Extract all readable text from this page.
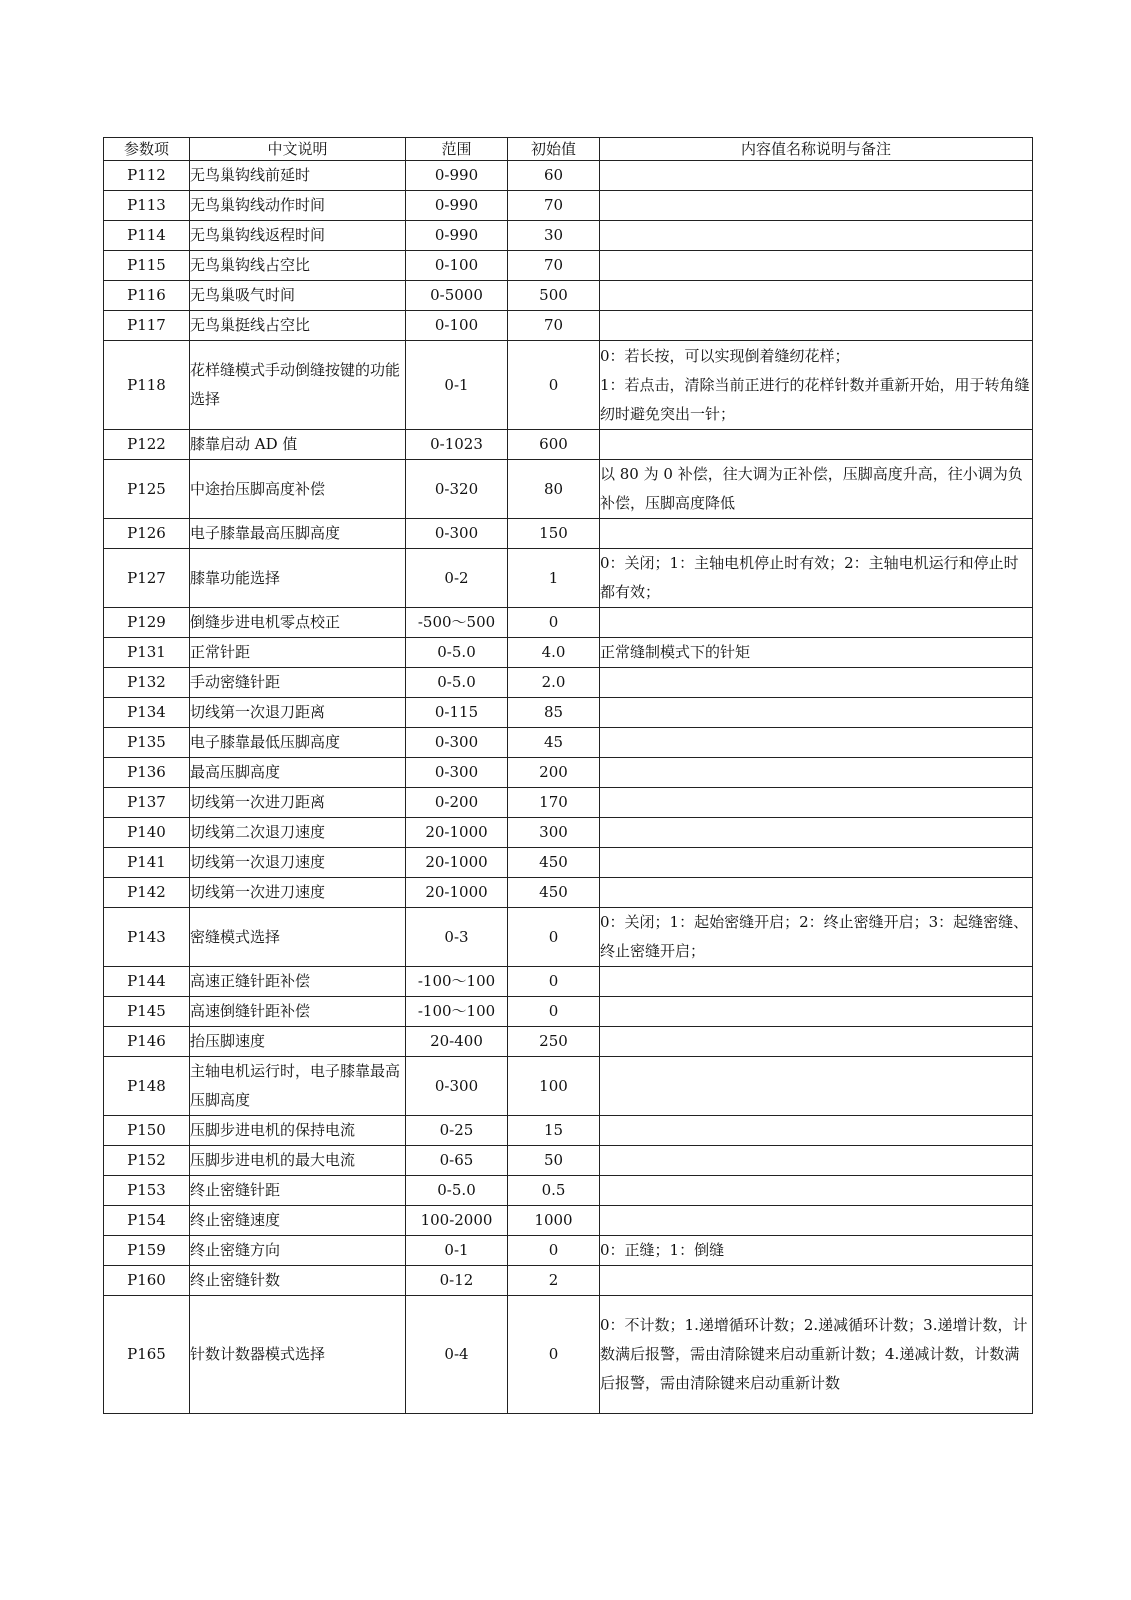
参数项	中文说明	范围	初始值	内容值名称说明与备注

P112	无鸟巢钩线前延时	0-990	60	

P113	无鸟巢钩线动作时间	0-990	70	

P114	无鸟巢钩线返程时间	0-990	30	

P115	无鸟巢钩线占空比	0-100	70	

P116	无鸟巢吸气时间	0-5000	500	

P117	无鸟巢挺线占空比	0-100	70	

P118	花样缝模式手动倒缝按键的功能选择	0-1	0	0：若长按，可以实现倒着缝纫花样；
1：若点击，清除当前正进行的花样针数并重新开始，用于转角缝纫时避免突出一针；

P122	膝靠启动 AD 值	0-1023	600	

P125	中途抬压脚高度补偿	0-320	80	以 80 为 0 补偿，往大调为正补偿，压脚高度升高，往小调为负补偿，压脚高度降低

P126	电子膝靠最高压脚高度	0-300	150	

P127	膝靠功能选择	0-2	1	0：关闭；1：主轴电机停止时有效；2：主轴电机运行和停止时都有效；

P129	倒缝步进电机零点校正	-500～500	0	

P131	正常针距	0-5.0	4.0	正常缝制模式下的针矩

P132	手动密缝针距	0-5.0	2.0	

P134	切线第一次退刀距离	0-115	85	

P135	电子膝靠最低压脚高度	0-300	45	

P136	最高压脚高度	0-300	200	

P137	切线第一次进刀距离	0-200	170	

P140	切线第二次退刀速度	20-1000	300	

P141	切线第一次退刀速度	20-1000	450	

P142	切线第一次进刀速度	20-1000	450	

P143	密缝模式选择	0-3	0	0：关闭；1：起始密缝开启；2：终止密缝开启；3：起缝密缝、终止密缝开启；

P144	高速正缝针距补偿	-100～100	0	

P145	高速倒缝针距补偿	-100～100	0	

P146	抬压脚速度	20-400	250	

P148	主轴电机运行时，电子膝靠最高压脚高度	0-300	100	

P150	压脚步进电机的保持电流	0-25	15	

P152	压脚步进电机的最大电流	0-65	50	

P153	终止密缝针距	0-5.0	0.5	

P154	终止密缝速度	100-2000	1000	

P159	终止密缝方向	0-1	0	0：正缝；1：倒缝

P160	终止密缝针数	0-12	2	

P165	针数计数器模式选择	0-4	0	0：不计数；1.递增循环计数；2.递减循环计数；3.递增计数，计数满后报警，需由清除键来启动重新计数；4.递减计数，计数满后报警，需由清除键来启动重新计数
